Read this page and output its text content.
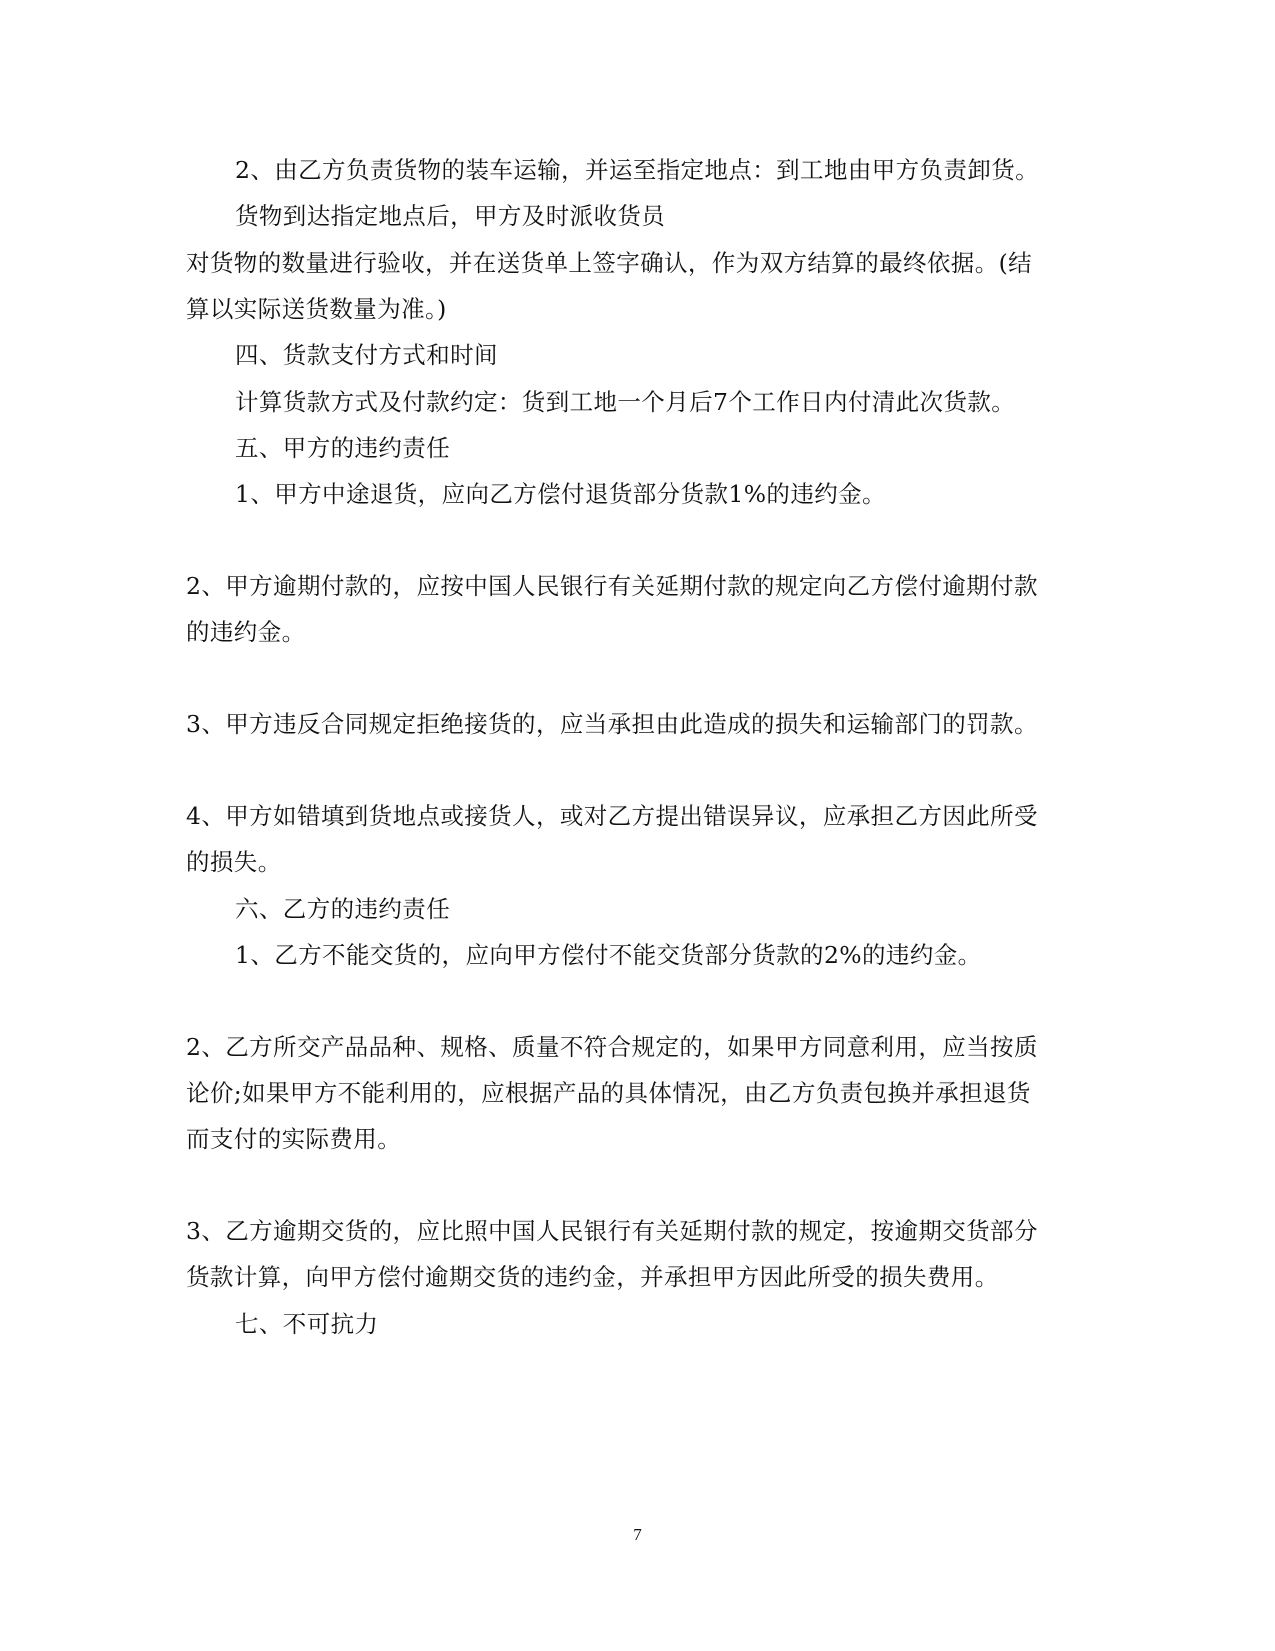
2、由乙方负责货物的装车运输，并运至指定地点：到工地由甲方负责卸货。

货物到达指定地点后，甲方及时派收货员

对货物的数量进行验收，并在送货单上签字确认，作为双方结算的最终依据。(结

算以实际送货数量为准。)

四、货款支付方式和时间

计算货款方式及付款约定：货到工地一个月后7个工作日内付清此次货款。

五、甲方的违约责任

1、甲方中途退货，应向乙方偿付退货部分货款1%的违约金。

2、甲方逾期付款的，应按中国人民银行有关延期付款的规定向乙方偿付逾期付款

的违约金。

3、甲方违反合同规定拒绝接货的，应当承担由此造成的损失和运输部门的罚款。

4、甲方如错填到货地点或接货人，或对乙方提出错误异议，应承担乙方因此所受

的损失。

六、乙方的违约责任

1、乙方不能交货的，应向甲方偿付不能交货部分货款的2%的违约金。

2、乙方所交产品品种、规格、质量不符合规定的，如果甲方同意利用，应当按质

论价;如果甲方不能利用的，应根据产品的具体情况，由乙方负责包换并承担退货

而支付的实际费用。

3、乙方逾期交货的，应比照中国人民银行有关延期付款的规定，按逾期交货部分

货款计算，向甲方偿付逾期交货的违约金，并承担甲方因此所受的损失费用。

七、不可抗力

7
